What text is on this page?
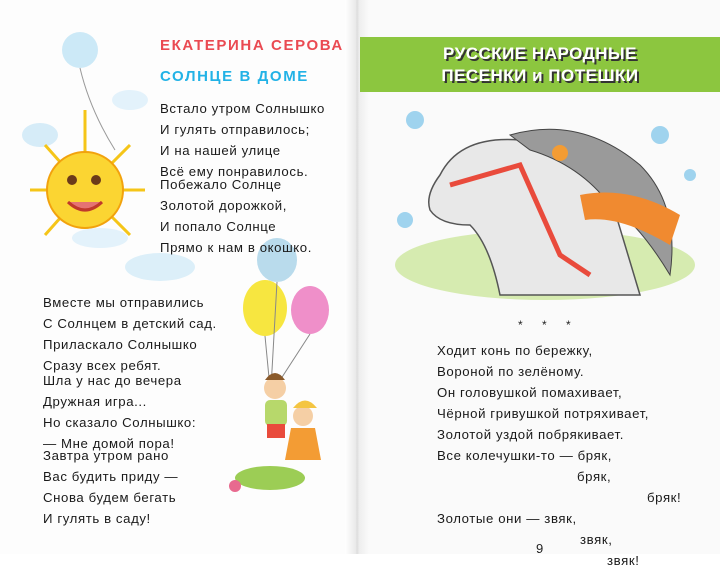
ЕКАТЕРИНА СЕРОВА
СОЛНЦЕ В ДОМЕ
Встало утром Солнышко
И гулять отправилось;
И на нашей улице
Всё ему понравилось.
Побежало Солнце
Золотой дорожкой,
И попало Солнце
Прямо к нам в окошко.
Вместе мы отправились
С Солнцем в детский сад.
Прилaскало Солнышко
Сразу всех ребят.
Шла у нас до вечера
Дружная игра...
Но сказало Солнышко:
— Мне домой пора!
Завтра утром рано
Вас будить приду —
Снова будем бегать
И гулять в саду!
РУССКИЕ НАРОДНЫЕ
ПЕСЕНКИ и ПОТЕШКИ
* * *
Ходит конь по бережку,
Вороной по зелёному.
Он головушкой помахивает,
Чёрной гривушкой потряхивает,
Золотой уздой побрякивает.
Все колечушки-то — бряк,
бряк,
бряк!
Золотые они — звяк,
звяк,
звяк!
9
